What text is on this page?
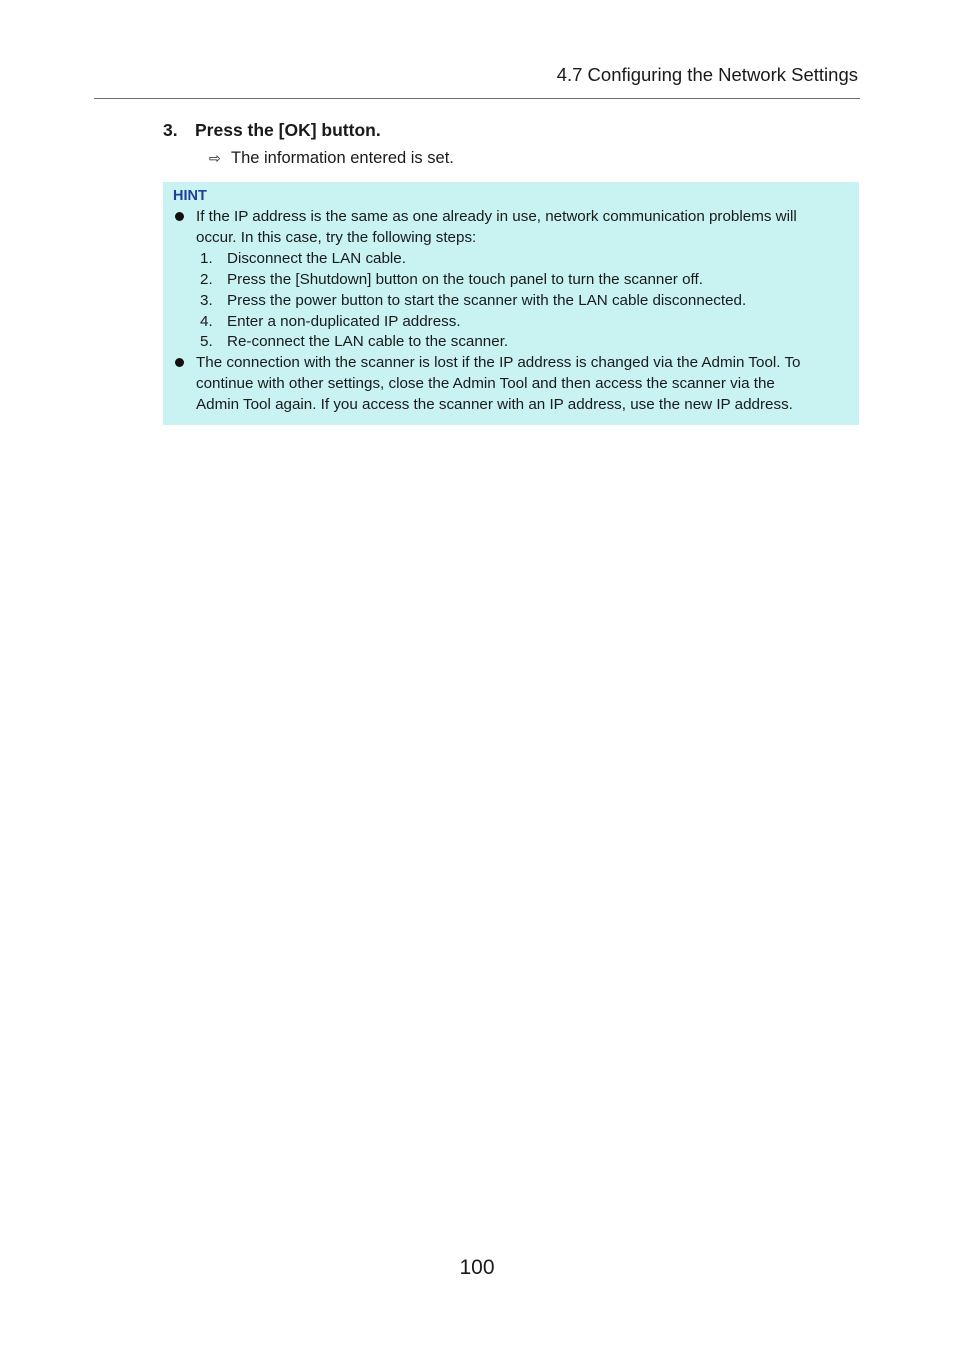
4.7 Configuring the Network Settings
3. Press the [OK] button.
⇨ The information entered is set.
HINT
If the IP address is the same as one already in use, network communication problems will
occur. In this case, try the following steps:
1. Disconnect the LAN cable.
2. Press the [Shutdown] button on the touch panel to turn the scanner off.
3. Press the power button to start the scanner with the LAN cable disconnected.
4. Enter a non-duplicated IP address.
5. Re-connect the LAN cable to the scanner.
The connection with the scanner is lost if the IP address is changed via the Admin Tool. To
continue with other settings, close the Admin Tool and then access the scanner via the
Admin Tool again. If you access the scanner with an IP address, use the new IP address.
100
